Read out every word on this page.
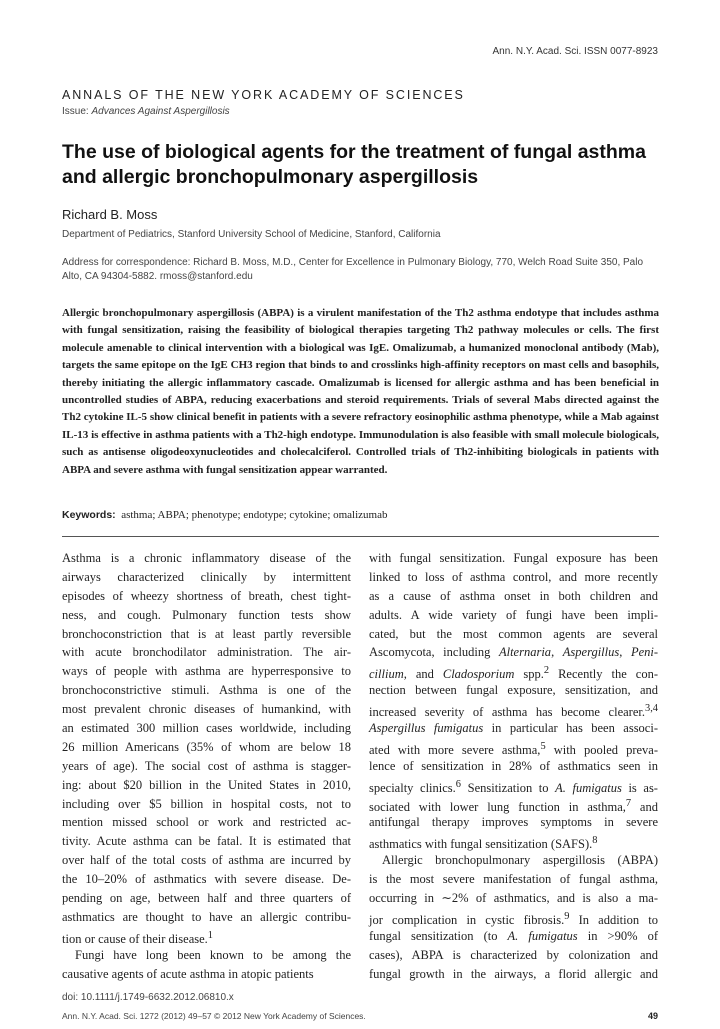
Ann. N.Y. Acad. Sci. ISSN 0077-8923
ANNALS OF THE NEW YORK ACADEMY OF SCIENCES
Issue: Advances Against Aspergillosis
The use of biological agents for the treatment of fungal asthma and allergic bronchopulmonary aspergillosis
Richard B. Moss
Department of Pediatrics, Stanford University School of Medicine, Stanford, California
Address for correspondence: Richard B. Moss, M.D., Center for Excellence in Pulmonary Biology, 770, Welch Road Suite 350, Palo Alto, CA 94304-5882. rmoss@stanford.edu
Allergic bronchopulmonary aspergillosis (ABPA) is a virulent manifestation of the Th2 asthma endotype that includes asthma with fungal sensitization, raising the feasibility of biological therapies targeting Th2 pathway molecules or cells. The first molecule amenable to clinical intervention with a biological was IgE. Omalizumab, a humanized monoclonal antibody (Mab), targets the same epitope on the IgE CH3 region that binds to and crosslinks high-affinity receptors on mast cells and basophils, thereby initiating the allergic inflammatory cascade. Omalizumab is licensed for allergic asthma and has been beneficial in uncontrolled studies of ABPA, reducing exacerbations and steroid requirements. Trials of several Mabs directed against the Th2 cytokine IL-5 show clinical benefit in patients with a severe refractory eosinophilic asthma phenotype, while a Mab against IL-13 is effective in asthma patients with a Th2-high endotype. Immunodulation is also feasible with small molecule biologicals, such as antisense oligodeoxynucleotides and cholecalciferol. Controlled trials of Th2-inhibiting biologicals in patients with ABPA and severe asthma with fungal sensitization appear warranted.
Keywords: asthma; ABPA; phenotype; endotype; cytokine; omalizumab
Asthma is a chronic inflammatory disease of the
airways characterized clinically by intermittent
episodes of wheezy shortness of breath, chest tight-
ness, and cough. Pulmonary function tests show
bronchoconstriction that is at least partly reversible
with acute bronchodilator administration. The air-
ways of people with asthma are hyperresponsive to
bronchoconstrictive stimuli. Asthma is one of the
most prevalent chronic diseases of humankind, with
an estimated 300 million cases worldwide, including
26 million Americans (35% of whom are below 18
years of age). The social cost of asthma is stagger-
ing: about $20 billion in the United States in 2010,
including over $5 billion in hospital costs, not to
mention missed school or work and restricted ac-
tivity. Acute asthma can be fatal. It is estimated that
over half of the total costs of asthma are incurred by
the 10–20% of asthmatics with severe disease. De-
pending on age, between half and three quarters of
asthmatics are thought to have an allergic contribu-
tion or cause of their disease.$^1$
Fungi have long been known to be among the
causative agents of acute asthma in atopic patients
with fungal sensitization. Fungal exposure has been
linked to loss of asthma control, and more recently
as a cause of asthma onset in both children and
adults. A wide variety of fungi have been impli-
cated, but the most common agents are several
Ascomycota, including Alternaria, Aspergillus, Peni-
cillium, and Cladosporium spp.$^2$ Recently the con-
nection between fungal exposure, sensitization, and
increased severity of asthma has become clearer.$^{3,4}$
Aspergillus fumigatus in particular has been associ-
ated with more severe asthma,$^5$ with pooled preva-
lence of sensitization in 28% of asthmatics seen in
specialty clinics.$^6$ Sensitization to A. fumigatus is as-
sociated with lower lung function in asthma,$^7$ and
antifungal therapy improves symptoms in severe
asthmatics with fungal sensitization (SAFS).$^8$
Allergic bronchopulmonary aspergillosis (ABPA)
is the most severe manifestation of fungal asthma,
occurring in ∼2% of asthmatics, and is also a ma-
jor complication in cystic fibrosis.$^9$ In addition to
fungal sensitization (to A. fumigatus in >90% of
cases), ABPA is characterized by colonization and
fungal growth in the airways, a florid allergic and
doi: 10.1111/j.1749-6632.2012.06810.x
Ann. N.Y. Acad. Sci. 1272 (2012) 49–57 © 2012 New York Academy of Sciences.	49
